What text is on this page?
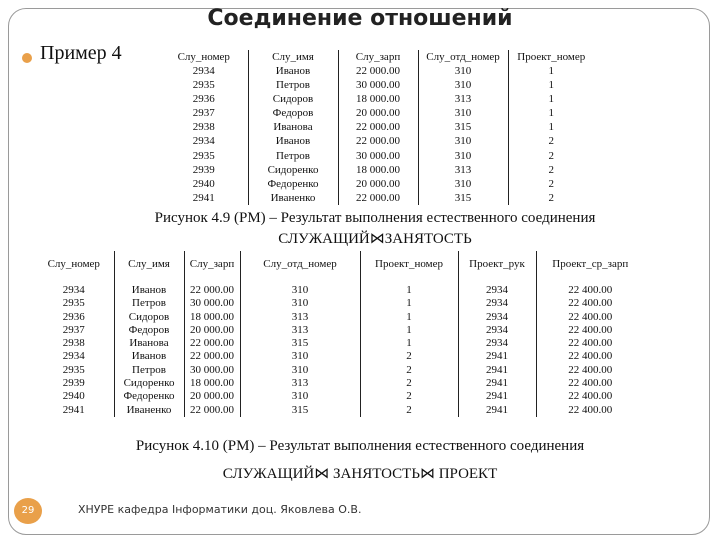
Соединение отношений
Пример 4	Слу_номер	Слу_имя	Слу_зарп	Слу_отд_номер	Проект_номер
2934	Иванов	22 000.00	310	1
2935	Петров	30 000.00	310	1
2936	Сидоров	18 000.00	313	1
2937	Федоров	20 000.00	310	1
2938	Иванова	22 000.00	315	1
2934	Иванов	22 000.00	310	2
2935	Петров	30 000.00	310	2
2939	Сидоренко	18 000.00	313	2
2940	Федоренко	20 000.00	310	2
2941	Иваненко	22 000.00	315	2
Рисунок 4.9 (РМ) – Результат выполнения естественного соединения
СЛУЖАЩИЙ⋈ЗАНЯТОСТЬ
Слу_номер	Слу_имя	Слу_зарп	Слу_отд_номер	Проект_номер	Проект_рук	Проект_ср_зарп
2934	Иванов	22 000.00	310	1	2934	22 400.00
2935	Петров	30 000.00	310	1	2934	22 400.00
2936	Сидоров	18 000.00	313	1	2934	22 400.00
2937	Федоров	20 000.00	313	1	2934	22 400.00
2938	Иванова	22 000.00	315	1	2934	22 400.00
2934	Иванов	22 000.00	310	2	2941	22 400.00
2935	Петров	30 000.00	310	2	2941	22 400.00
2939	Сидоренко	18 000.00	313	2	2941	22 400.00
2940	Федоренко	20 000.00	310	2	2941	22 400.00
2941	Иваненко	22 000.00	315	2	2941	22 400.00
Рисунок 4.10 (РМ) – Результат выполнения естественного соединения
СЛУЖАЩИЙ⋈ ЗАНЯТОСТЬ⋈ ПРОЕКТ
29	ХНУРЕ кафедра Інформатики доц. Яковлева О.В.
